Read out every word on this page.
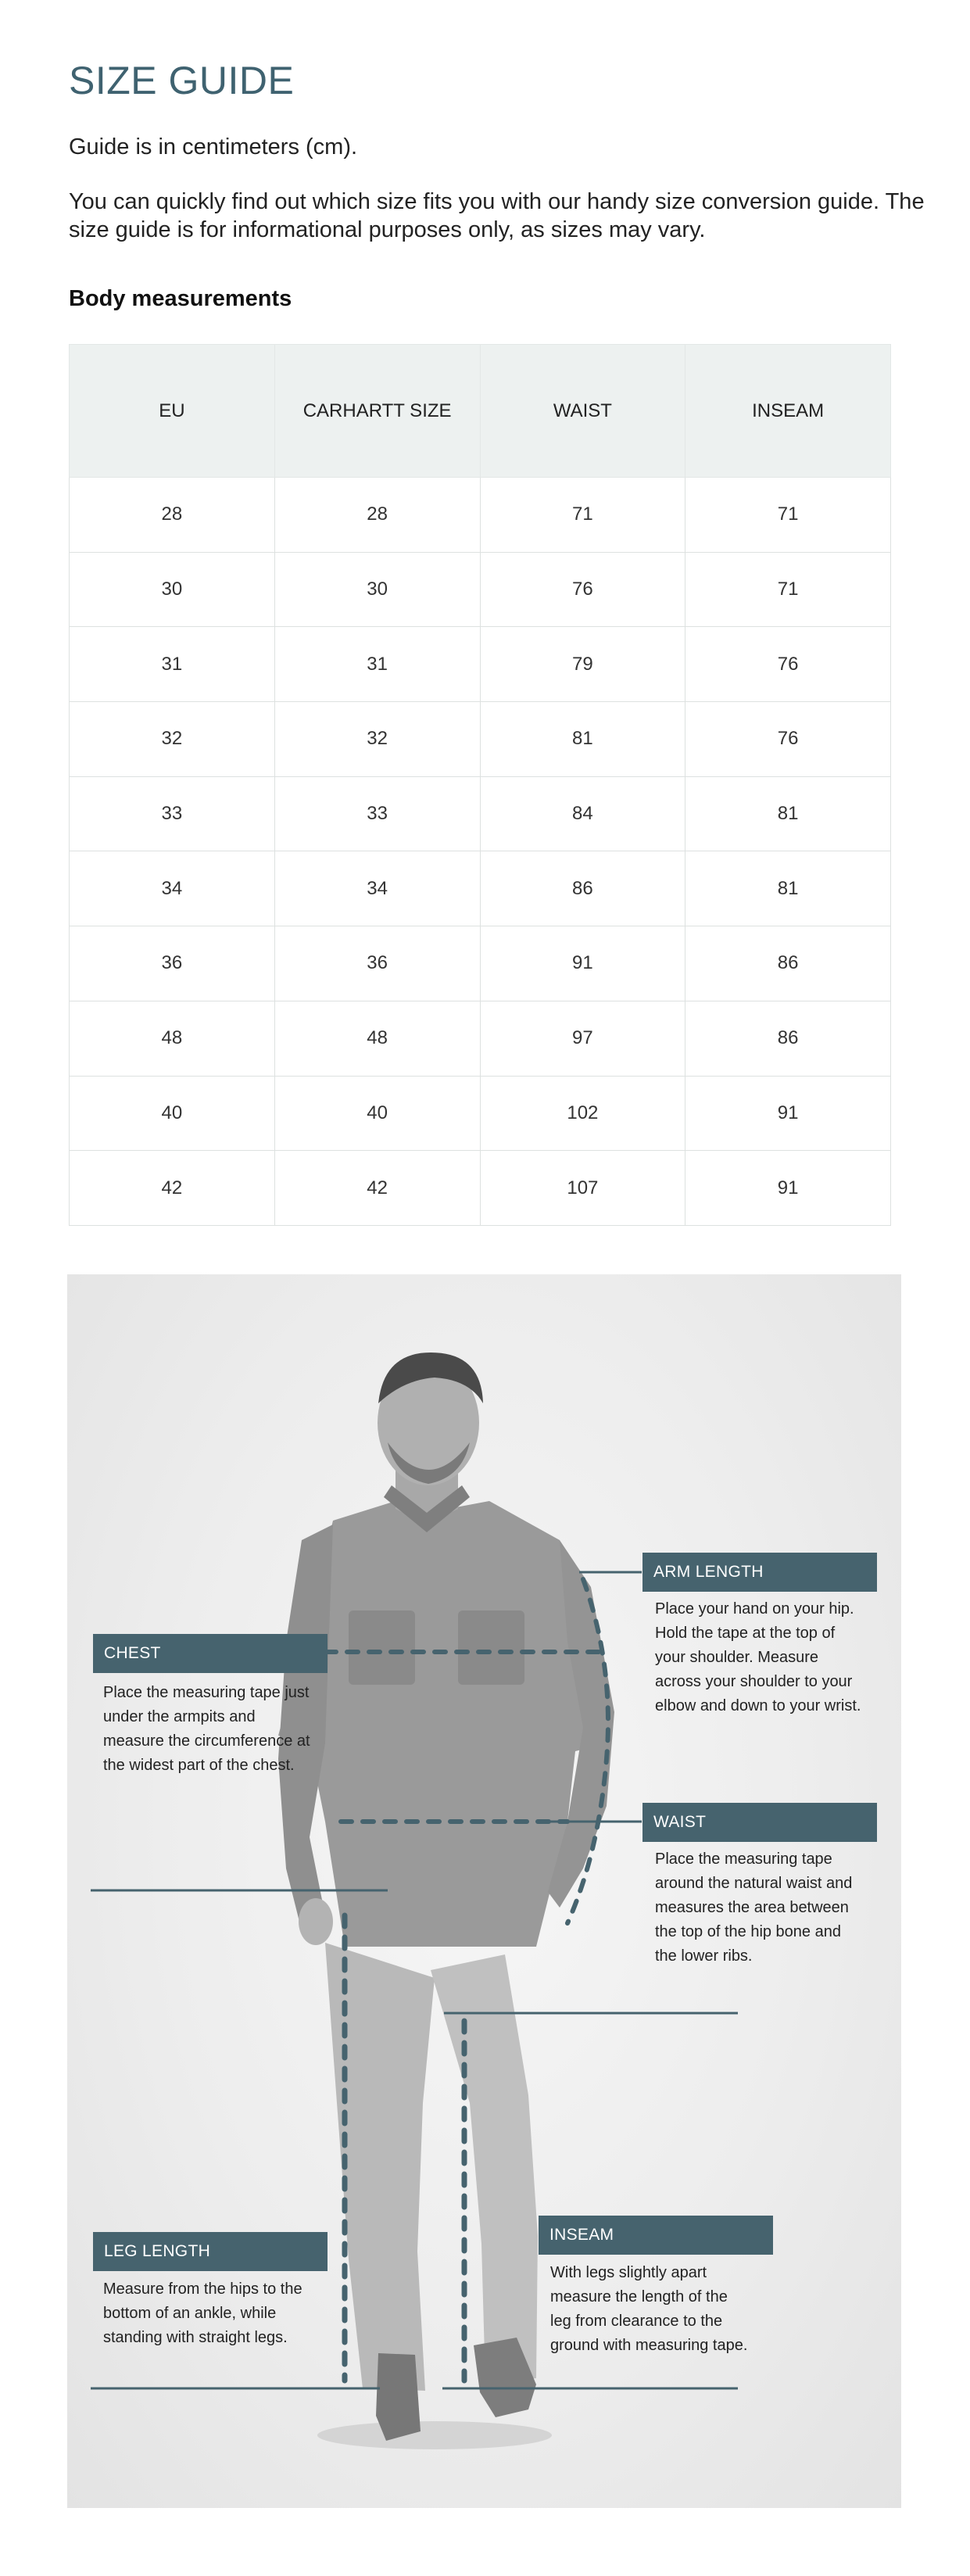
SIZE GUIDE

Guide is in centimeters (cm).

You can quickly find out which size fits you with our handy size conversion guide. The size guide is for informational purposes only, as sizes may vary.

Body measurements
EU	CARHARTT SIZE	WAIST	INSEAM
28	28	71	71
30	30	76	71
31	31	79	76
32	32	81	76
33	33	84	81
34	34	86	81
36	36	91	86
48	48	97	86
40	40	102	91
42	42	107	91
CHEST

Place the measuring tape just under the armpits and measure the circumference at the widest part of the chest.

ARM LENGTH

Place your hand on your hip. Hold the tape at the top of your shoulder. Measure across your shoulder to your elbow and down to your wrist.

WAIST

Place the measuring tape around the natural waist and measures the area between the top of the hip bone and the lower ribs.

LEG LENGTH

Measure from the hips to the bottom of an ankle, while standing with straight legs.

INSEAM

With legs slightly apart measure the length of the leg from clearance to the ground with measuring tape.
